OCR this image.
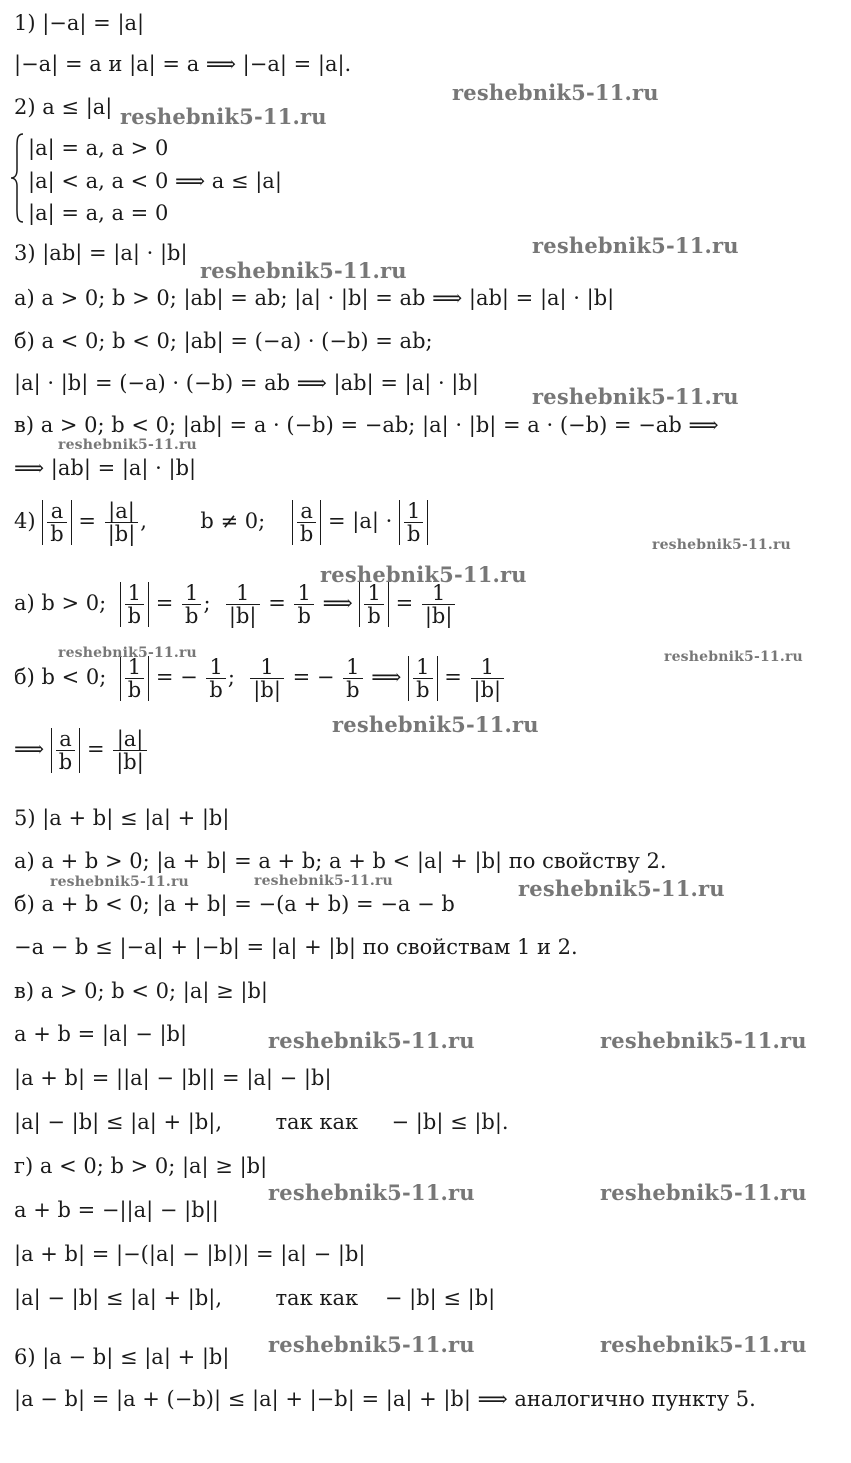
1) |−a| = |a|
|−a| = a и |a| = a ⟹ |−a| = |a|.
2) a ≤ |a|
|a| = a, a > 0
|a| < a, a < 0 ⟹ a ≤ |a|
|a| = a, a = 0
3) |ab| = |a| · |b|
а) a > 0; b > 0; |ab| = ab; |a| · |b| = ab ⟹ |ab| = |a| · |b|
б) a < 0; b < 0; |ab| = (−a) · (−b) = ab;
|a| · |b| = (−a) · (−b) = ab ⟹ |ab| = |a| · |b|
в) a > 0; b < 0; |ab| = a · (−b) = −ab; |a| · |b| = a · (−b) = −ab ⟹
⟹ |ab| = |a| · |b|
$4) \frac{a}{b} = \frac{|a|}{|b|}$ ,        b ≠ 0; $\frac{a}{b} = |a| \cdot \frac{1}{b}$
а) b > 0; $\frac{1}{b} = \frac{1}{b}$ ; $\frac{1}{|b|} = \frac{1}{b}$ ⟹ $\frac{1}{b} = \frac{1}{|b|}$
б) b < 0; $\frac{1}{b}$ = − $\frac{1}{b}$ ; $\frac{1}{|b|}$ = − $\frac{1}{b}$ ⟹ $\frac{1}{b} = \frac{1}{|b|}$
⟹ $\frac{a}{b} = \frac{|a|}{|b|}$
5) |a + b| ≤ |a| + |b|
а) a + b > 0; |a + b| = a + b; a + b < |a| + |b| по свойству 2.
б) a + b < 0; |a + b| = −(a + b) = −a − b
−a − b ≤ |−a| + |−b| = |a| + |b| по свойствам 1 и 2.
в) a > 0; b < 0; |a| ≥ |b|
a + b = |a| − |b|
|a + b| = ||a| − |b|| = |a| − |b|
|a| − |b| ≤ |a| + |b|,        так как     − |b| ≤ |b|.
г) a < 0; b > 0; |a| ≥ |b|
a + b = −||a| − |b||
|a + b| = |−(|a| − |b|)| = |a| − |b|
|a| − |b| ≤ |a| + |b|,        так как    − |b| ≤ |b|
6) |a − b| ≤ |a| + |b|
|a − b| = |a + (−b)| ≤ |a| + |−b| = |a| + |b| ⟹ аналогично пункту 5.
reshebnik5-11.ru
reshebnik5-11.ru
reshebnik5-11.ru
reshebnik5-11.ru
reshebnik5-11.ru
reshebnik5-11.ru
reshebnik5-11.ru
reshebnik5-11.ru
reshebnik5-11.ru	reshebnik5-11.ru
reshebnik5-11.ru
reshebnik5-11.ru	reshebnik5-11.ru	reshebnik5-11.ru
reshebnik5-11.ru	reshebnik5-11.ru
reshebnik5-11.ru	reshebnik5-11.ru
reshebnik5-11.ru	reshebnik5-11.ru
